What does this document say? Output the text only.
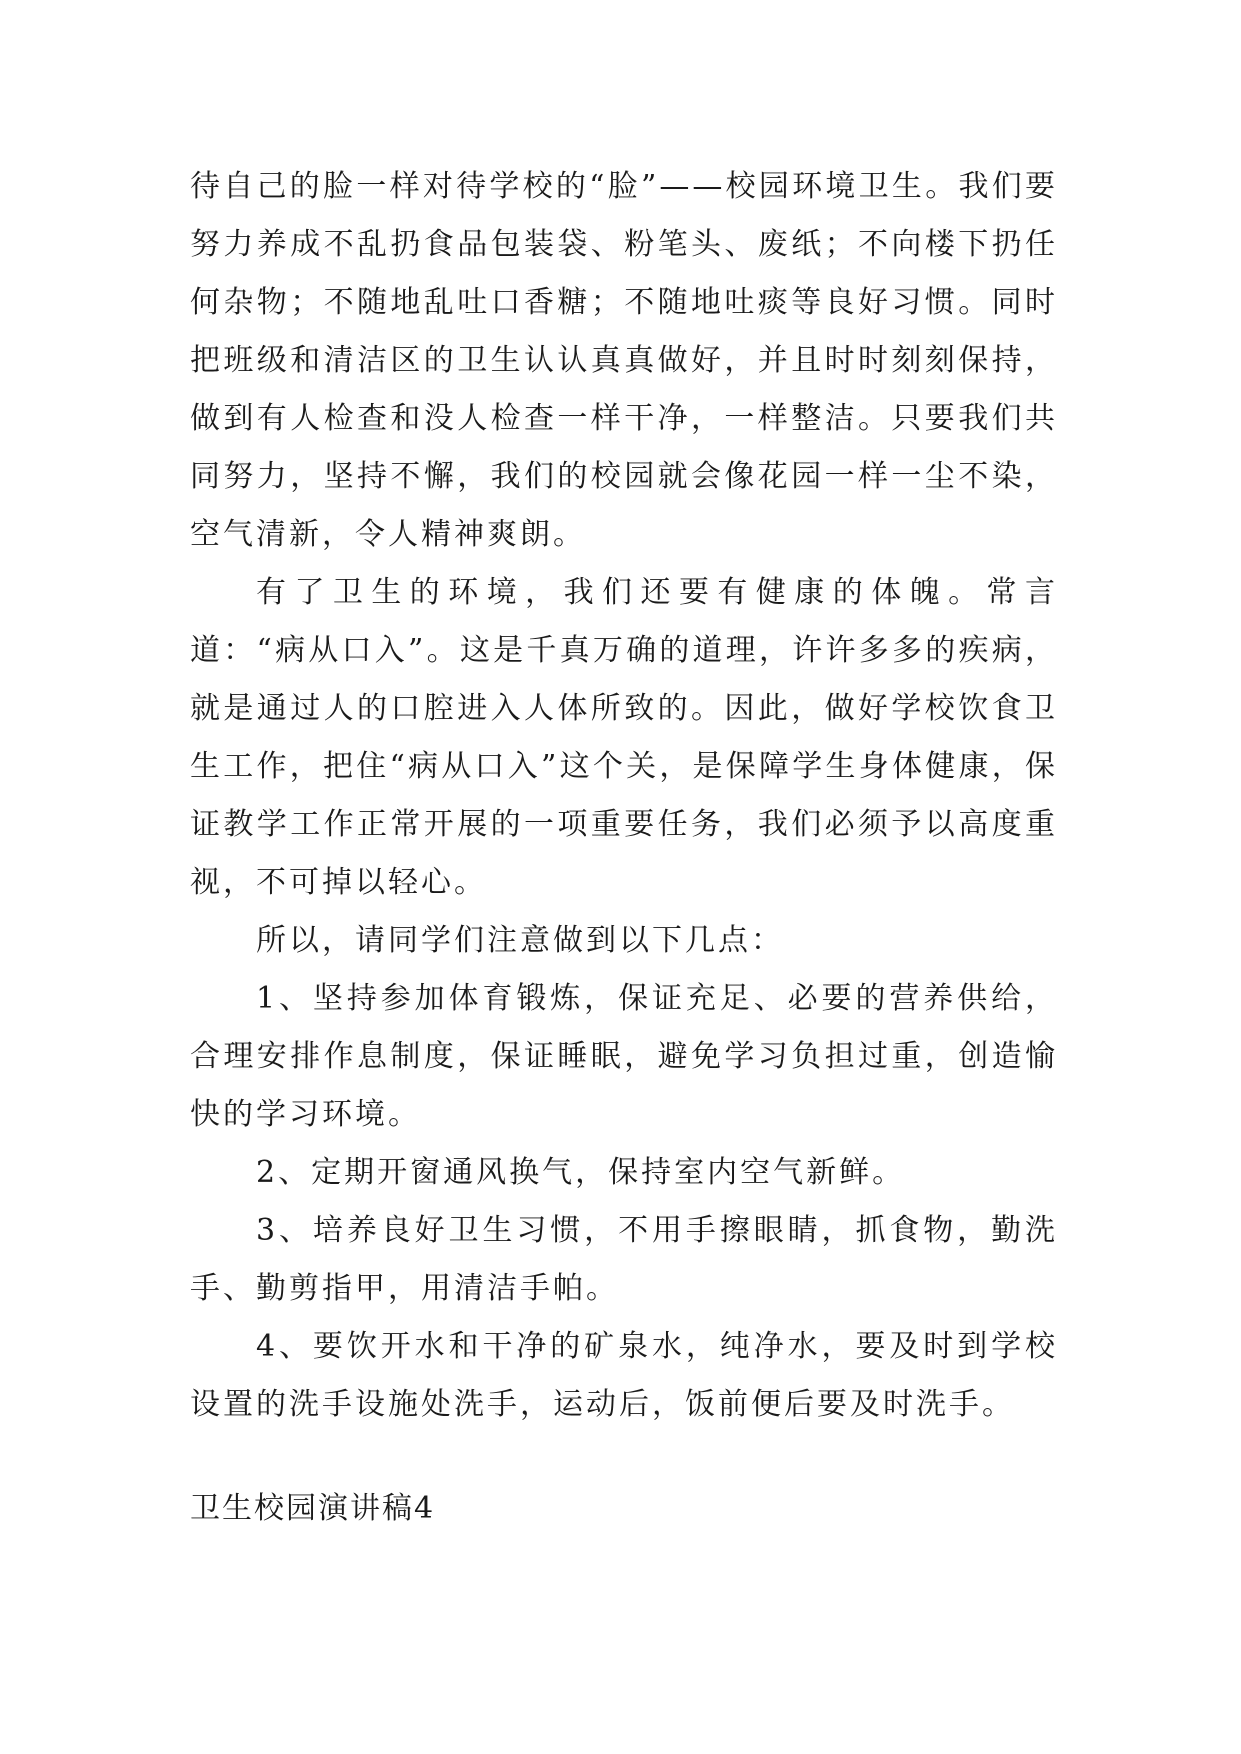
待自己的脸一样对待学校的“脸”——校园环境卫生。我们要努力养成不乱扔食品包装袋、粉笔头、废纸；不向楼下扔任何杂物；不随地乱吐口香糖；不随地吐痰等良好习惯。同时把班级和清洁区的卫生认认真真做好，并且时时刻刻保持，做到有人检查和没人检查一样干净，一样整洁。只要我们共同努力，坚持不懈，我们的校园就会像花园一样一尘不染，空气清新，令人精神爽朗。

有了卫生的环境，我们还要有健康的体魄。常言道：“病从口入”。这是千真万确的道理，许许多多的疾病，就是通过人的口腔进入人体所致的。因此，做好学校饮食卫生工作，把住“病从口入”这个关，是保障学生身体健康，保证教学工作正常开展的一项重要任务，我们必须予以高度重视，不可掉以轻心。

所以，请同学们注意做到以下几点：

1、坚持参加体育锻炼，保证充足、必要的营养供给，合理安排作息制度，保证睡眠，避免学习负担过重，创造愉快的学习环境。

2、定期开窗通风换气，保持室内空气新鲜。

3、培养良好卫生习惯，不用手擦眼睛，抓食物，勤洗手、勤剪指甲，用清洁手帕。

4、要饮开水和干净的矿泉水，纯净水，要及时到学校设置的洗手设施处洗手，运动后，饭前便后要及时洗手。

卫生校园演讲稿4
